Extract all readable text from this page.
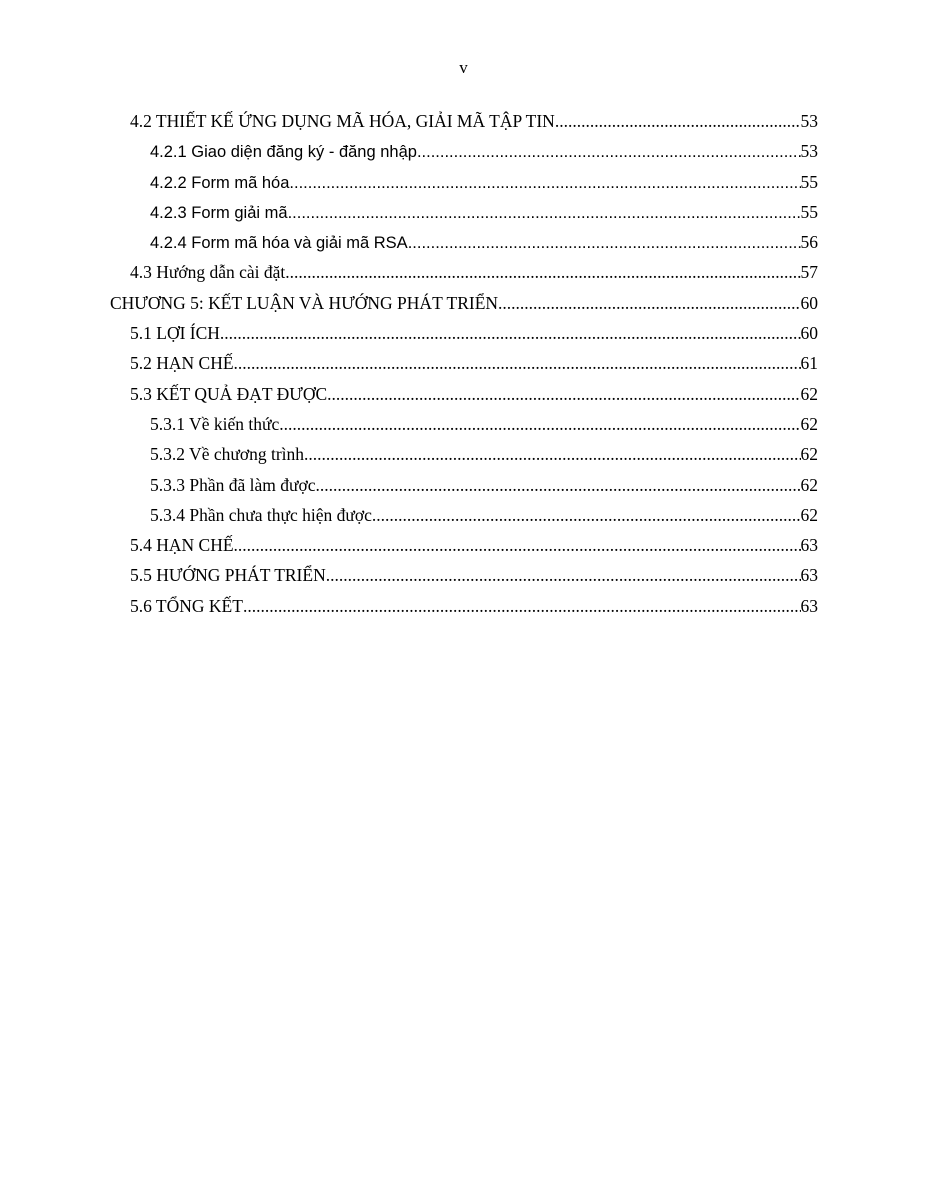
v
4.2 THIẾT KẾ ỨNG DỤNG MÃ HÓA, GIẢI MÃ TẬP TIN .....	53
4.2.1 Giao diện đăng ký - đăng nhập .....	53
4.2.2 Form mã hóa .....	55
4.2.3 Form giải mã .....	55
4.2.4 Form mã hóa và giải mã RSA .....	56
4.3 Hướng dẫn cài đặt .....	57
CHƯƠNG 5: KẾT LUẬN VÀ HƯỚNG PHÁT TRIỂN .....	60
5.1 LỢI ÍCH .....	60
5.2 HẠN CHẾ .....	61
5.3 KẾT QUẢ ĐẠT ĐƯỢC .....	62
5.3.1 Về kiến thức .....	62
5.3.2 Về chương trình .....	62
5.3.3 Phần đã làm được .....	62
5.3.4 Phần chưa thực hiện được .....	62
5.4 HẠN CHẾ .....	63
5.5 HƯỚNG PHÁT TRIỂN .....	63
5.6 TỔNG KẾT .....	63
